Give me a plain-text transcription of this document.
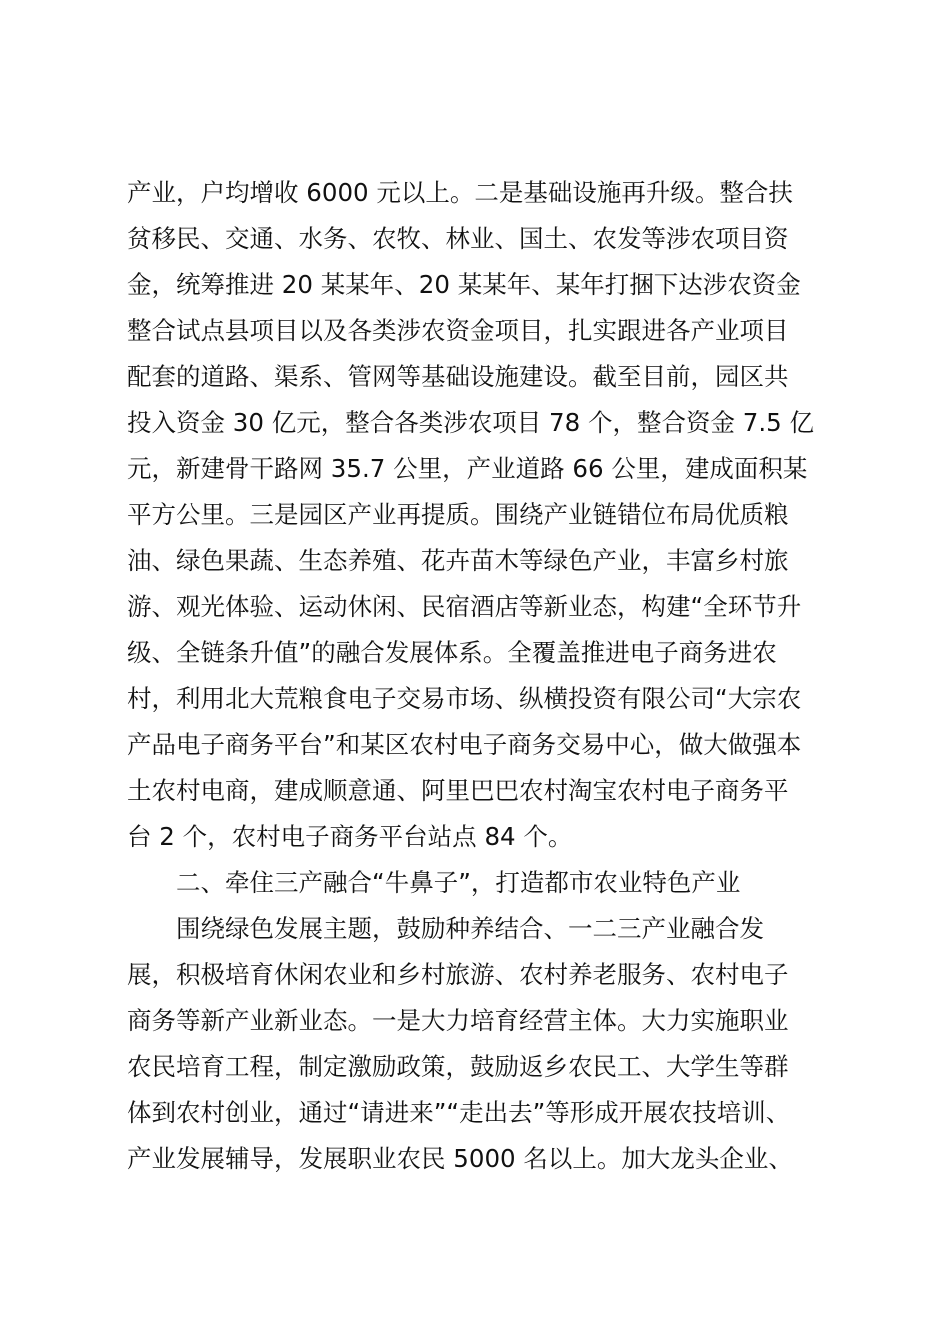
产业，户均增收 6000 元以上。二是基础设施再升级。整合扶
贫移民、交通、水务、农牧、林业、国土、农发等涉农项目资
金，统筹推进 20 某某年、20 某某年、某年打捆下达涉农资金
整合试点县项目以及各类涉农资金项目，扎实跟进各产业项目
配套的道路、渠系、管网等基础设施建设。截至目前，园区共
投入资金 30 亿元，整合各类涉农项目 78 个，整合资金 7.5 亿
元，新建骨干路网 35.7 公里，产业道路 66 公里，建成面积某
平方公里。三是园区产业再提质。围绕产业链错位布局优质粮
油、绿色果蔬、生态养殖、花卉苗木等绿色产业，丰富乡村旅
游、观光体验、运动休闲、民宿酒店等新业态，构建“全环节升
级、全链条升值”的融合发展体系。全覆盖推进电子商务进农
村，利用北大荒粮食电子交易市场、纵横投资有限公司“大宗农
产品电子商务平台”和某区农村电子商务交易中心，做大做强本
土农村电商，建成顺意通、阿里巴巴农村淘宝农村电子商务平
台 2 个，农村电子商务平台站点 84 个。
二、牵住三产融合“牛鼻子”，打造都市农业特色产业
围绕绿色发展主题，鼓励种养结合、一二三产业融合发
展，积极培育休闲农业和乡村旅游、农村养老服务、农村电子
商务等新产业新业态。一是大力培育经营主体。大力实施职业
农民培育工程，制定激励政策，鼓励返乡农民工、大学生等群
体到农村创业，通过“请进来”“走出去”等形成开展农技培训、
产业发展辅导，发展职业农民 5000 名以上。加大龙头企业、
